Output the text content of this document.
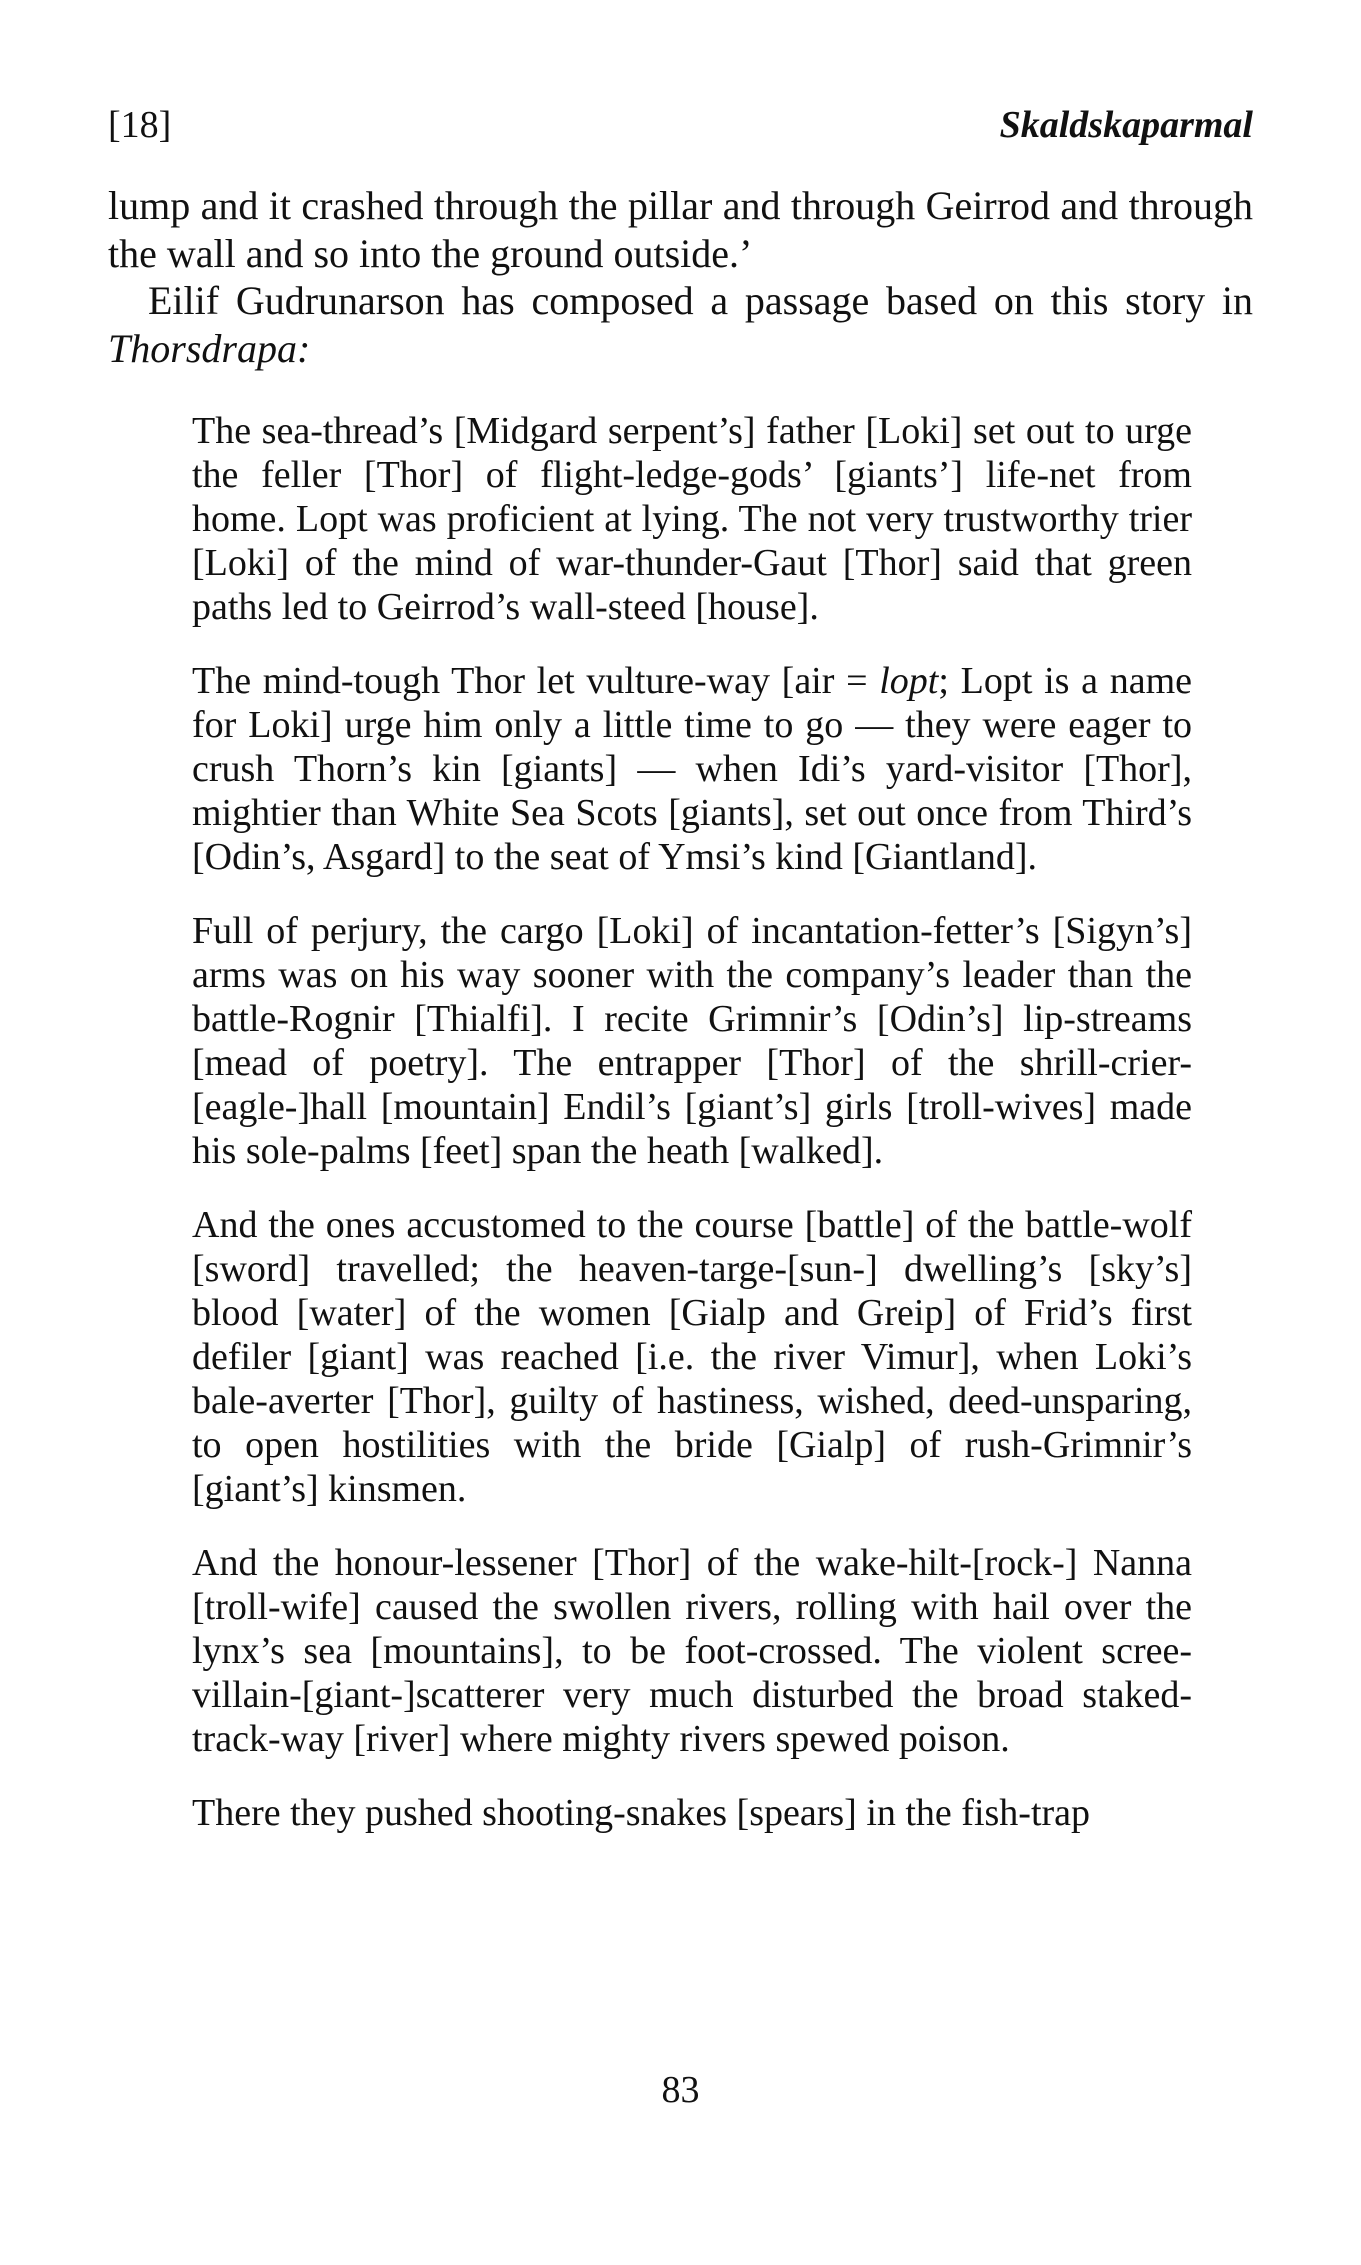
[18]	Skaldskaparmal

lump and it crashed through the pillar and through Geirrod and through the wall and so into the ground outside.’

Eilif Gudrunarson has composed a passage based on this story in Thorsdrapa:

The sea-thread’s [Midgard serpent’s] father [Loki] set out to urge the feller [Thor] of flight-ledge-gods’ [giants’] life-net from home. Lopt was proficient at lying. The not very trustworthy trier [Loki] of the mind of war-thunder-Gaut [Thor] said that green paths led to Geirrod’s wall-steed [house].

The mind-tough Thor let vulture-way [air = lopt; Lopt is a name for Loki] urge him only a little time to go — they were eager to crush Thorn’s kin [giants] — when Idi’s yard-visitor [Thor], mightier than White Sea Scots [giants], set out once from Third’s [Odin’s, Asgard] to the seat of Ymsi’s kind [Giantland].

Full of perjury, the cargo [Loki] of incantation-fetter’s [Sigyn’s] arms was on his way sooner with the company’s leader than the battle-Rognir [Thialfi]. I recite Grimnir’s [Odin’s] lip-streams [mead of poetry]. The entrapper [Thor] of the shrill-crier-[eagle-]hall [mountain] Endil’s [giant’s] girls [troll-wives] made his sole-palms [feet] span the heath [walked].

And the ones accustomed to the course [battle] of the battle-wolf [sword] travelled; the heaven-targe-[sun-] dwelling’s [sky’s] blood [water] of the women [Gialp and Greip] of Frid’s first defiler [giant] was reached [i.e. the river Vimur], when Loki’s bale-averter [Thor], guilty of hastiness, wished, deed-unsparing, to open hostilities with the bride [Gialp] of rush-Grimnir’s [giant’s] kinsmen.

And the honour-lessener [Thor] of the wake-hilt-[rock-] Nanna [troll-wife] caused the swollen rivers, rolling with hail over the lynx’s sea [mountains], to be foot-crossed. The violent scree-villain-[giant-]scatterer very much disturbed the broad staked-track-way [river] where mighty rivers spewed poison.

There they pushed shooting-snakes [spears] in the fish-trap

83
